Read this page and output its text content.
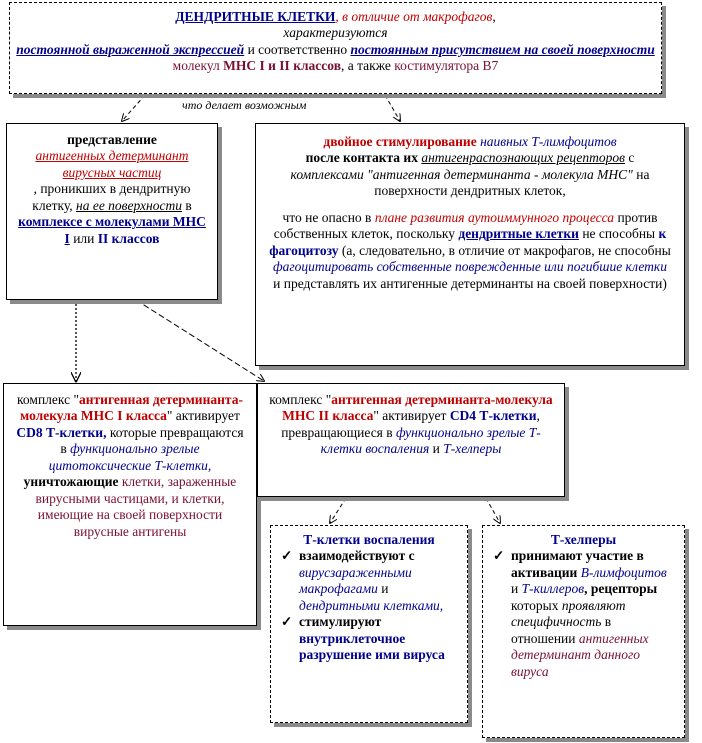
ДЕНДРИТНЫЕ КЛЕТКИ, в отличие от макрофагов,

характеризуются

постоянной выраженной экспрессией и соответственно постоянным присутствием на своей поверхности молекул MHC I и II классов, а также костимулятора В7

что делает возможным

представление

антигенных детерминант вирусных частиц

, проникших в дендритную клетку, на ее поверхности в комплексе с молекулами MHC I или II классов

двойное стимулирование наивных Т-лимфоцитов

после контакта их антигенраспознающих рецепторов с комплексами "антигенная детерминанта - молекула MHC" на поверхности дендритных клеток,

что не опасно в плане развития аутоиммунного процесса против собственных клеток, поскольку дендритные клетки не способны к фагоцитозу (а, следовательно, в отличие от макрофагов, не способны фагоцитировать собственные поврежденные или погибшие клетки и представлять их антигенные детерминанты на своей поверхности)

комплекс "антигенная детерминанта-молекула MHC I класса" активирует CD8 Т-клетки, которые превращаются в функционально зрелые цитотоксические Т-клетки, уничтожающие клетки, зараженные вирусными частицами, и клетки, имеющие на своей поверхности вирусные антигены

комплекс "антигенная детерминанта-молекула MHC II класса" активирует CD4 Т-клетки, превращающиеся в функционально зрелые Т-клетки воспаления и Т-хелперы

Т-клетки воспаления

✓ взаимодействуют с вирусзараженными макрофагами и дендритными клетками,

✓ стимулируют внутриклеточное разрушение ими вируса

Т-хелперы

✓ принимают участие в активации В-лимфоцитов и Т-киллеров, рецепторы которых проявляют специфичность в отношении антигенных детерминант данного вируса
